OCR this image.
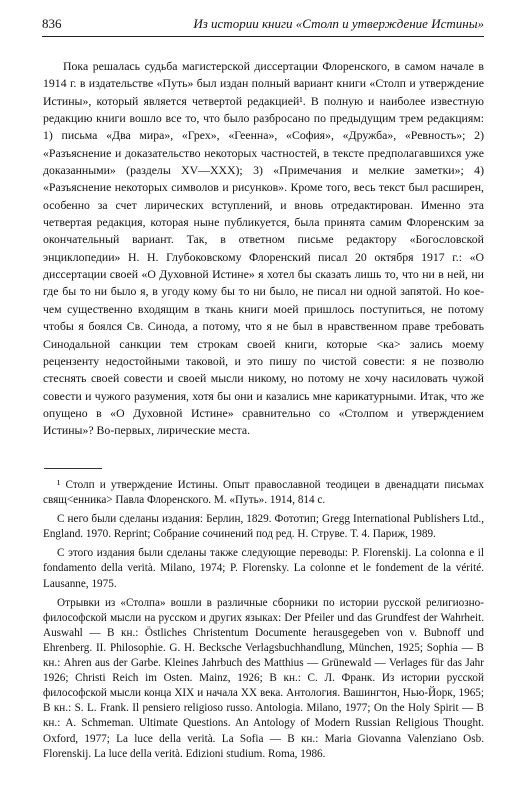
836	Из истории книги «Столп и утверждение Истины»

Пока решалась судьба магистерской диссертации Флоренского, в самом начале в 1914 г. в издательстве «Путь» был издан полный вариант книги «Столп и утверждение Истины», который является четвертой редакцией¹. В полную и наиболее известную редакцию книги вошло все то, что было разбросано по предыдущим трем редакциям: 1) письма «Два мира», «Грех», «Геенна», «София», «Дружба», «Ревность»; 2) «Разъяснение и доказательство некоторых частностей, в тексте предполагавшихся уже доказанными» (разделы XV—XXX); 3) «Примечания и мелкие заметки»; 4) «Разъяснение некоторых символов и рисунков». Кроме того, весь текст был расширен, особенно за счет лирических вступлений, и вновь отредактирован. Именно эта четвертая редакция, которая ныне публикуется, была принята самим Флоренским за окончательный вариант. Так, в ответном письме редактору «Богословской энциклопедии» Н. Н. Глубоковскому Флоренский писал 20 октября 1917 г.: «О диссертации своей «О Духовной Истине» я хотел бы сказать лишь то, что ни в ней, ни где бы то ни было я, в угоду кому бы то ни было, не писал ни одной запятой. Но кое-чем существенно входящим в ткань книги моей пришлось поступиться, не потому чтобы я боялся Св. Синода, а потому, что я не был в нравственном праве требовать Синодальной санкции тем строкам своей книги, которые <ка> зались моему рецензенту недостойными таковой, и это пишу по чистой совести: я не позволю стеснять своей совести и своей мысли никому, но потому не хочу насиловать чужой совести и чужого разумения, хотя бы они и казались мне карикатурными. Итак, что же опущено в «О Духовной Истине» сравнительно со «Столпом и утверждением Истины»? Во-первых, лирические места.

¹ Столп и утверждение Истины. Опыт православной теодицеи в двенадцати письмах свящ<енника> Павла Флоренского. М. «Путь». 1914, 814 с.

С него были сделаны издания: Берлин, 1829. Фототип; Gregg International Publishers Ltd., England. 1970. Reprint; Собрание сочинений под ред. Н. Струве. Т. 4. Париж, 1989.

С этого издания были сделаны также следующие переводы: P. Florenskij. La colonna e il fondamento della verità. Milano, 1974; P. Florensky. La colonne et le fondement de la vérité. Lausanne, 1975.

Отрывки из «Столпа» вошли в различные сборники по истории русской религиозно-философской мысли на русском и других языках: Der Pfeiler und das Grundfest der Wahrheit. Auswahl — В кн.: Östliches Christentum Documente herausgegeben von v. Bubnoff und Ehrenberg. II. Philosophie. G. H. Becksche Verlagsbuchhandlung, München, 1925; Sophia — В кн.: Ahren aus der Garbe. Kleines Jahrbuch des Matthius — Grünewald — Verlages für das Jahr 1926; Christi Reich im Osten. Mainz, 1926; В кн.: С. Л. Франк. Из истории русской философской мысли конца XIX и начала XX века. Антология. Вашингтон, Нью-Йорк, 1965; В кн.: S. L. Frank. Il pensiero religioso russo. Antologia. Milano, 1977; On the Holy Spirit — В кн.: A. Schmeman. Ultimate Questions. An Antology of Modern Russian Religious Thought. Oxford, 1977; La luce della verità. La Sofia — В кн.: Maria Giovanna Valenziano Osb. Florenskij. La luce della verità. Edizioni studium. Roma, 1986.
